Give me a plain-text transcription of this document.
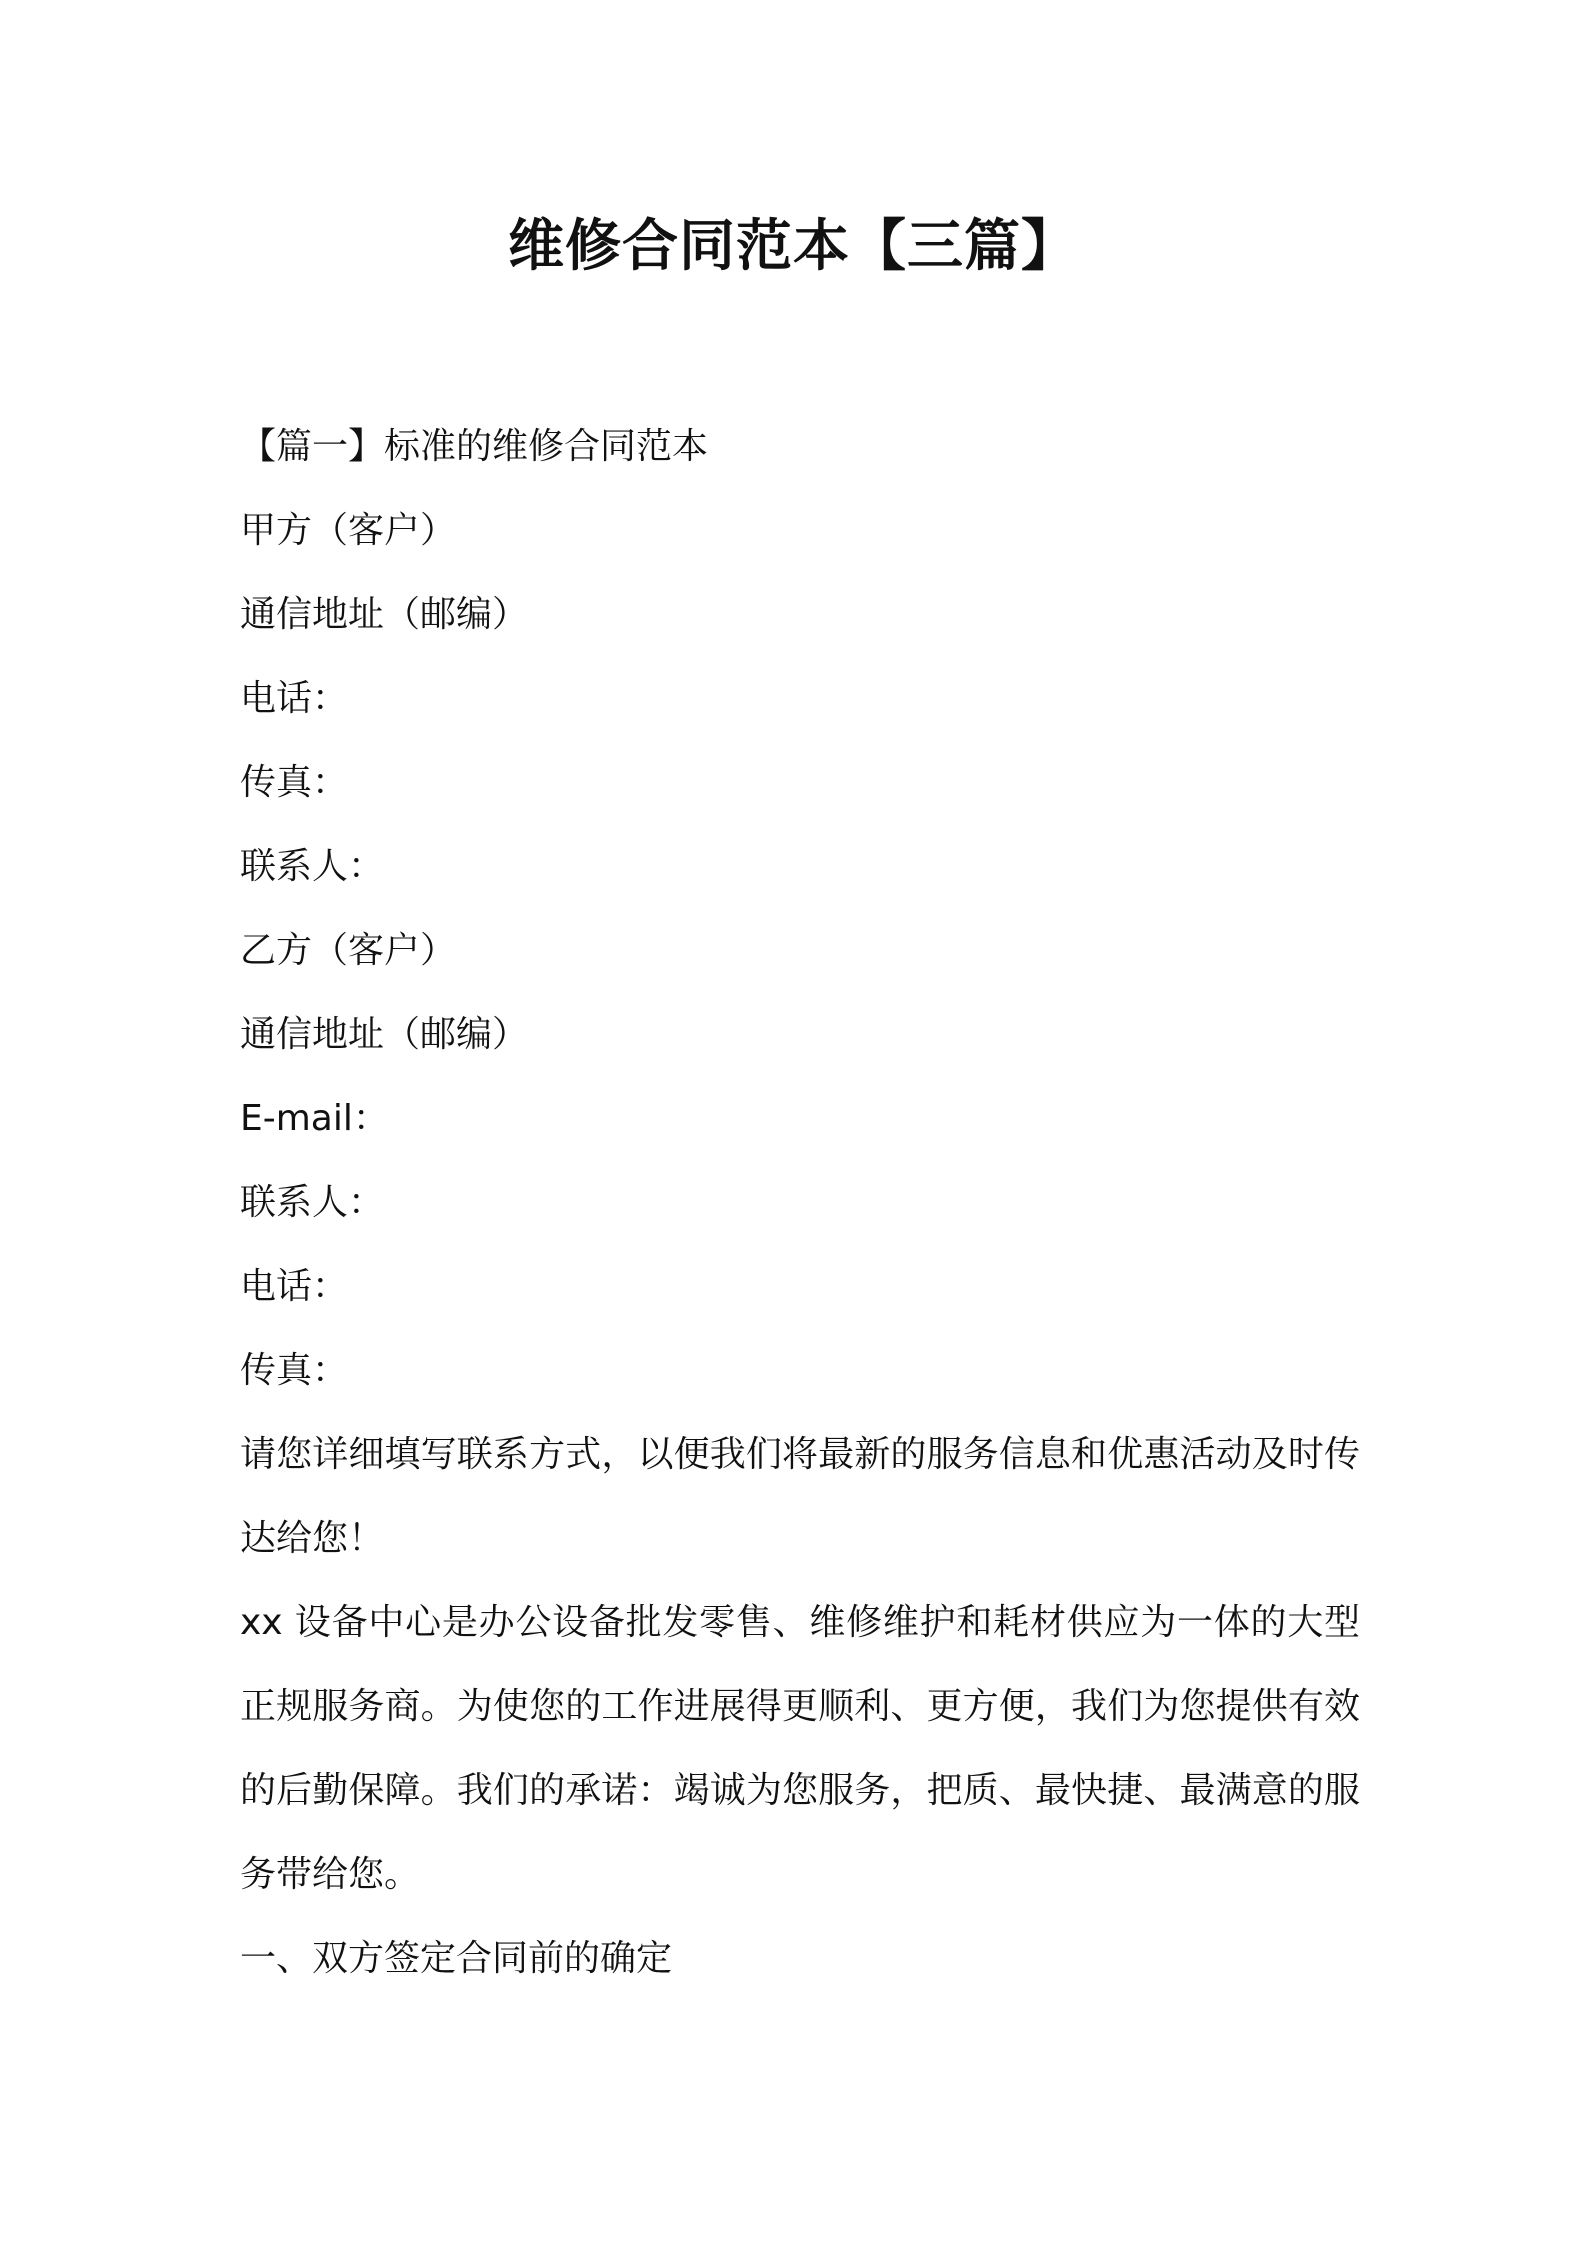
维修合同范本【三篇】
【篇一】标准的维修合同范本
甲方（客户）
通信地址（邮编）
电话：
传真：
联系人：
乙方（客户）
通信地址（邮编）
E-mail：
联系人：
电话：
传真：
请您详细填写联系方式，以便我们将最新的服务信息和优惠活动及时传达给您！
xx 设备中心是办公设备批发零售、维修维护和耗材供应为一体的大型正规服务商。为使您的工作进展得更顺利、更方便，我们为您提供有效的后勤保障。我们的承诺：竭诚为您服务，把质、最快捷、最满意的服务带给您。
一、双方签定合同前的确定
